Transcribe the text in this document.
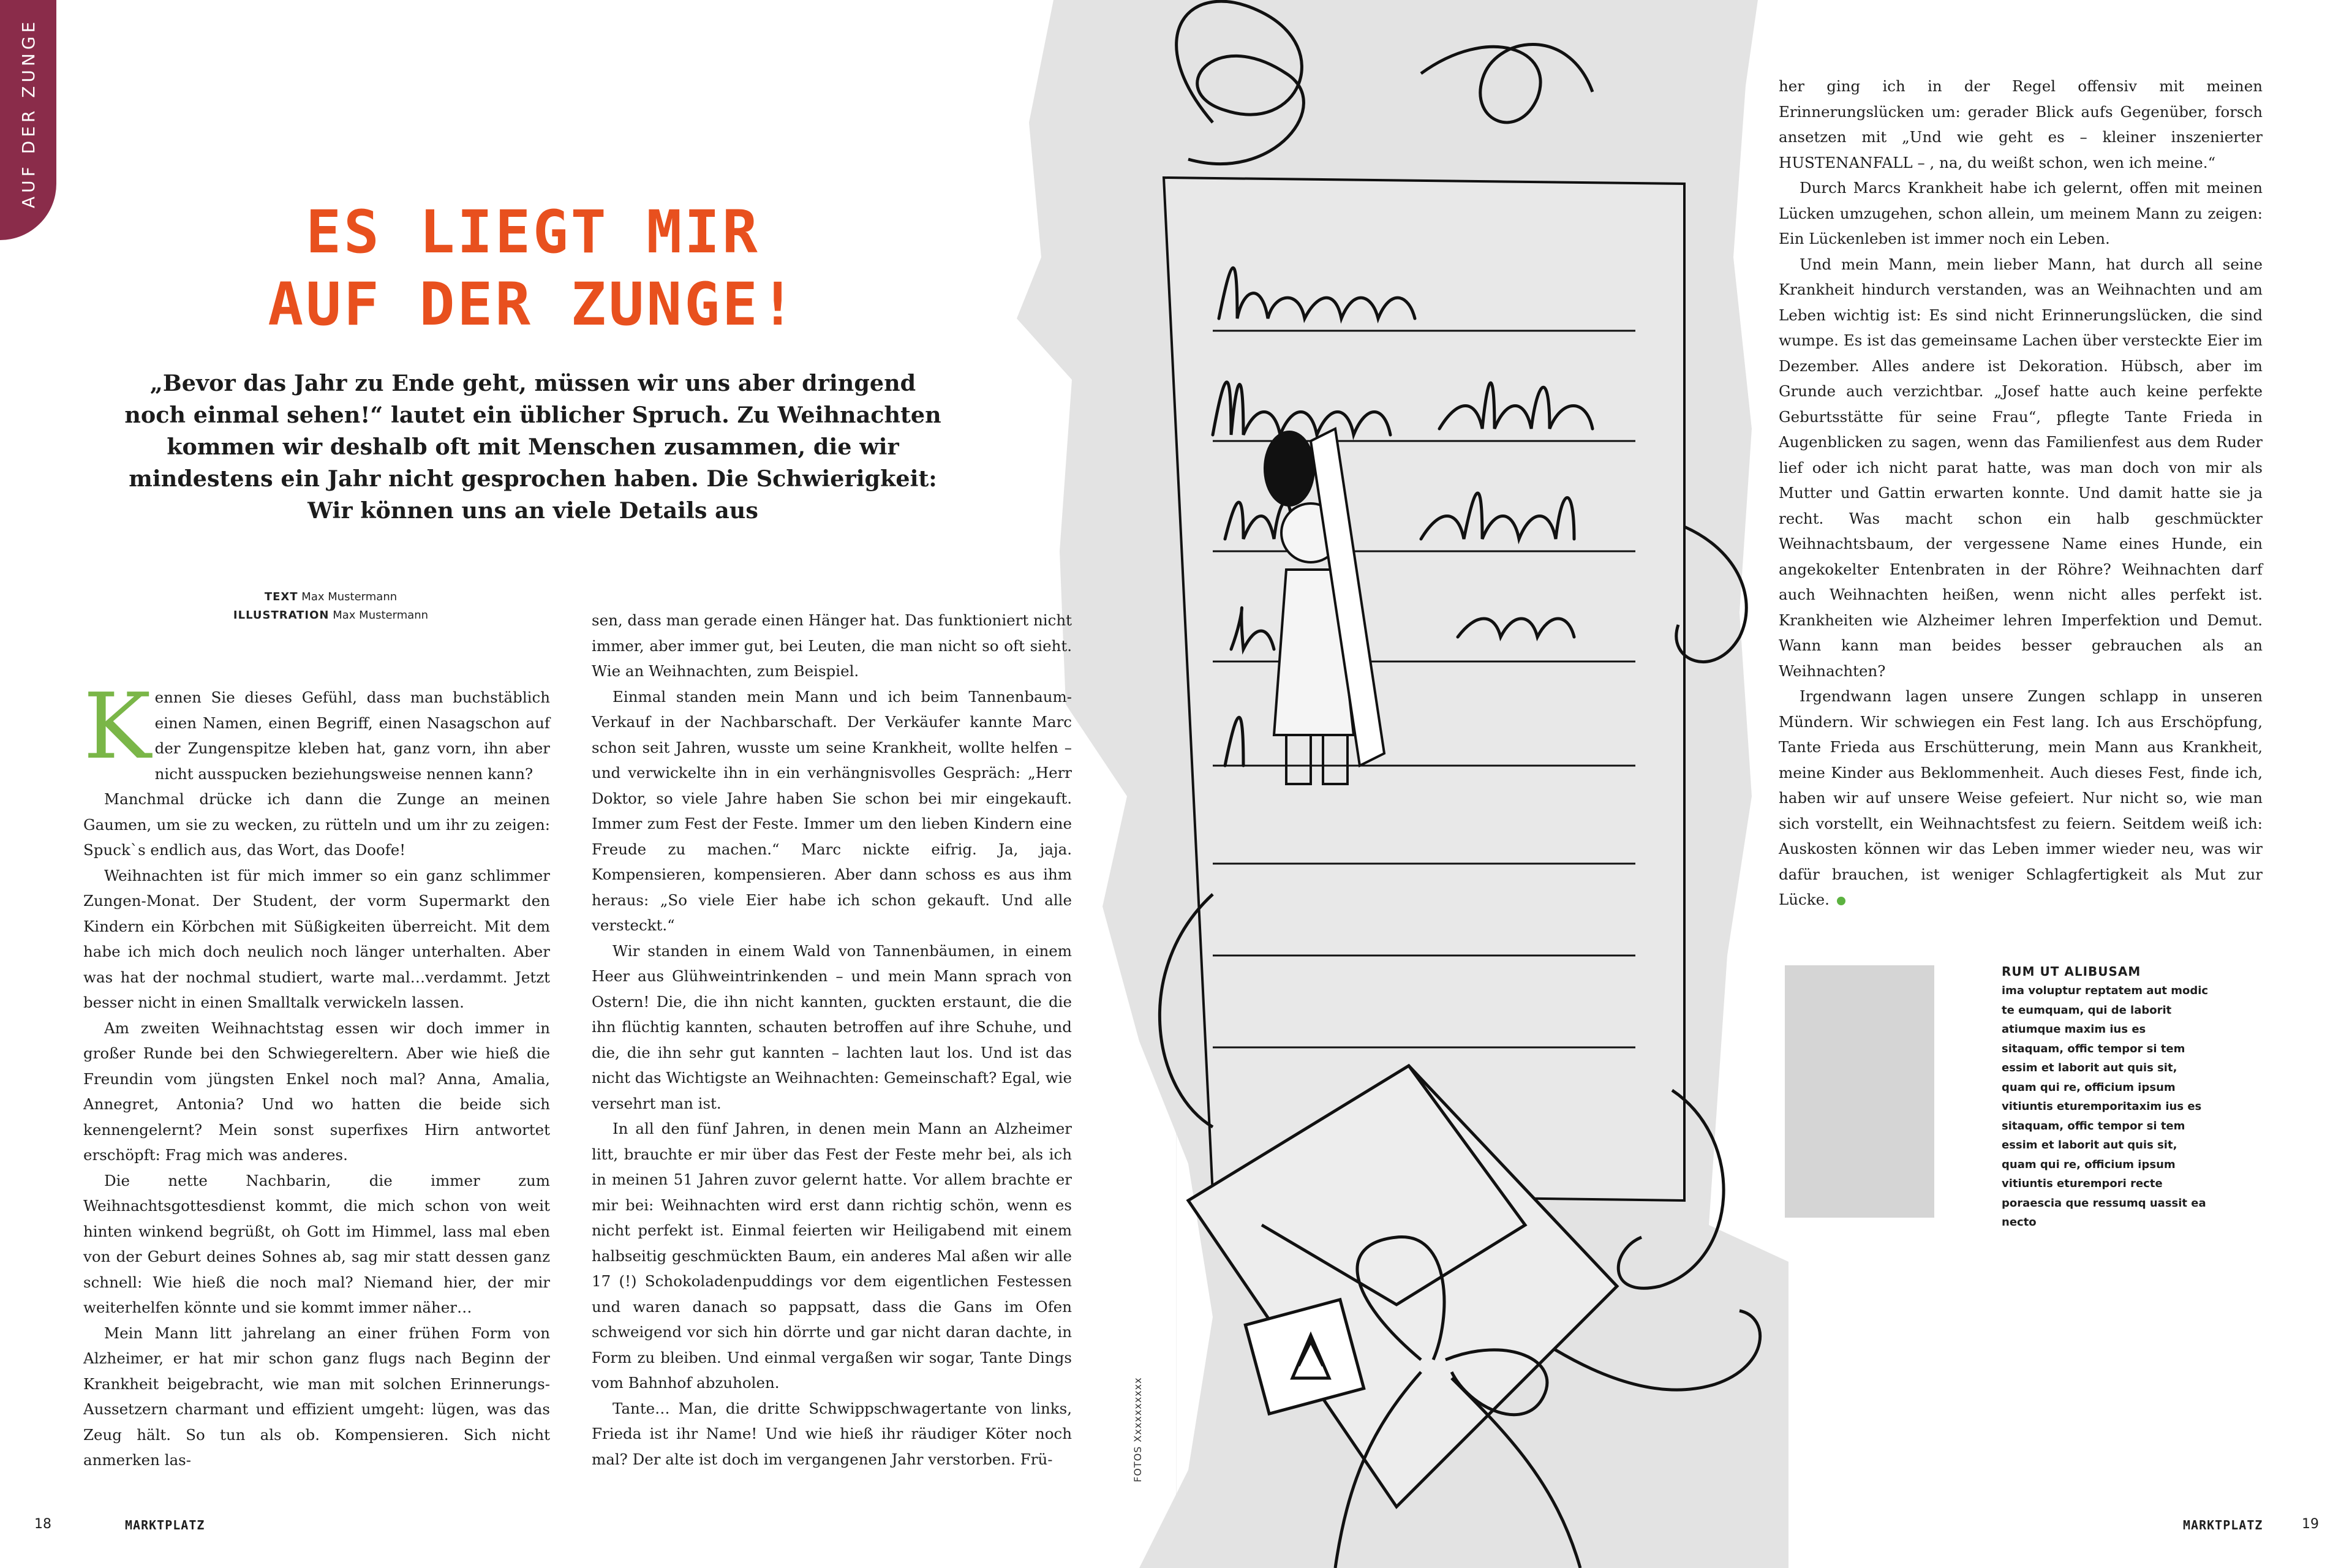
AUF DER ZUNGE
ES LIEGT MIR
AUF DER ZUNGE!

„Bevor das Jahr zu Ende geht, müssen wir uns aber dringend noch einmal sehen!“ lautet ein üblicher Spruch. Zu Weihnachten kommen wir deshalb oft mit Menschen zusammen, die wir mindestens ein Jahr nicht gesprochen haben. Die Schwierigkeit: Wir können uns an viele Details aus

TEXT Max Mustermann
ILLUSTRATION Max Mustermann

Kennen Sie dieses Gefühl, dass man buchstäblich einen Namen, einen Begriff, einen Nasagschon auf der Zungenspitze kleben hat, ganz vorn, ihn aber nicht ausspucken beziehungsweise nennen kann?

Manchmal drücke ich dann die Zunge an meinen Gaumen, um sie zu wecken, zu rütteln und um ihr zu zeigen: Spuck`s endlich aus, das Wort, das Doofe!

Weihnachten ist für mich immer so ein ganz schlimmer Zungen-Monat. Der Student, der vorm Supermarkt den Kindern ein Körbchen mit Süßigkeiten überreicht. Mit dem habe ich mich doch neulich noch länger unterhalten. Aber was hat der nochmal studiert, warte mal…verdammt. Jetzt besser nicht in einen Smalltalk verwickeln lassen.

Am zweiten Weihnachtstag essen wir doch immer in großer Runde bei den Schwiegereltern. Aber wie hieß die Freundin vom jüngsten Enkel noch mal? Anna, Amalia, Annegret, Antonia? Und wo hatten die beide sich kennengelernt? Mein sonst superfixes Hirn antwortet erschöpft: Frag mich was anderes.

Die nette Nachbarin, die immer zum Weihnachtsgottesdienst kommt, die mich schon von weit hinten winkend begrüßt, oh Gott im Himmel, lass mal eben von der Geburt deines Sohnes ab, sag mir statt dessen ganz schnell: Wie hieß die noch mal? Niemand hier, der mir weiterhelfen könnte und sie kommt immer näher…

Mein Mann litt jahrelang an einer frühen Form von Alzheimer, er hat mir schon ganz flugs nach Beginn der Krankheit beigebracht, wie man mit solchen Erinnerungs-Aussetzern charmant und effizient umgeht: lügen, was das Zeug hält. So tun als ob. Kompensieren. Sich nicht anmerken las-

sen, dass man gerade einen Hänger hat. Das funktioniert nicht immer, aber immer gut, bei Leuten, die man nicht so oft sieht. Wie an Weihnachten, zum Beispiel.

Einmal standen mein Mann und ich beim Tannenbaum-Verkauf in der Nachbarschaft. Der Verkäufer kannte Marc schon seit Jahren, wusste um seine Krankheit, wollte helfen – und verwickelte ihn in ein verhängnisvolles Gespräch: „Herr Doktor, so viele Jahre haben Sie schon bei mir eingekauft. Immer zum Fest der Feste. Immer um den lieben Kindern eine Freude zu machen.“ Marc nickte eifrig. Ja, jaja. Kompensieren, kompensieren. Aber dann schoss es aus ihm heraus: „So viele Eier habe ich schon gekauft. Und alle versteckt.“

Wir standen in einem Wald von Tannenbäumen, in einem Heer aus Glühweintrinkenden – und mein Mann sprach von Ostern! Die, die ihn nicht kannten, guckten erstaunt, die die ihn flüchtig kannten, schauten betroffen auf ihre Schuhe, und die, die ihn sehr gut kannten – lachten laut los. Und ist das nicht das Wichtigste an Weihnachten: Gemeinschaft? Egal, wie versehrt man ist.

In all den fünf Jahren, in denen mein Mann an Alzheimer litt, brauchte er mir über das Fest der Feste mehr bei, als ich in meinen 51 Jahren zuvor gelernt hatte. Vor allem brachte er mir bei: Weihnachten wird erst dann richtig schön, wenn es nicht perfekt ist. Einmal feierten wir Heiligabend mit einem halbseitig geschmückten Baum, ein anderes Mal aßen wir alle 17 (!) Schokoladenpuddings vor dem eigentlichen Festessen und waren danach so pappsatt, dass die Gans im Ofen schweigend vor sich hin dörrte und gar nicht daran dachte, in Form zu bleiben. Und einmal vergaßen wir sogar, Tante Dings vom Bahnhof abzuholen.

Tante… Man, die dritte Schwippschwagertante von links, Frieda ist ihr Name! Und wie hieß ihr räudiger Köter noch mal? Der alte ist doch im vergangenen Jahr verstorben. Frü-

her ging ich in der Regel offensiv mit meinen Erinnerungslücken um: gerader Blick aufs Gegenüber, forsch ansetzen mit „Und wie geht es – kleiner inszenierter HUSTENANFALL – , na, du weißt schon, wen ich meine.“

Durch Marcs Krankheit habe ich gelernt, offen mit meinen Lücken umzugehen, schon allein, um meinem Mann zu zeigen: Ein Lückenleben ist immer noch ein Leben.

Und mein Mann, mein lieber Mann, hat durch all seine Krankheit hindurch verstanden, was an Weihnachten und am Leben wichtig ist: Es sind nicht Erinnerungslücken, die sind wumpe. Es ist das gemeinsame Lachen über versteckte Eier im Dezember. Alles andere ist Dekoration. Hübsch, aber im Grunde auch verzichtbar. „Josef hatte auch keine perfekte Geburtsstätte für seine Frau“, pflegte Tante Frieda in Augenblicken zu sagen, wenn das Familienfest aus dem Ruder lief oder ich nicht parat hatte, was man doch von mir als Mutter und Gattin erwarten konnte. Und damit hatte sie ja recht. Was macht schon ein halb geschmückter Weihnachtsbaum, der vergessene Name eines Hunde, ein angekokelter Entenbraten in der Röhre? Weihnachten darf auch Weihnachten heißen, wenn nicht alles perfekt ist. Krankheiten wie Alzheimer lehren Imperfektion und Demut. Wann kann man beides besser gebrauchen als an Weihnachten?

Irgendwann lagen unsere Zungen schlapp in unseren Mündern. Wir schwiegen ein Fest lang. Ich aus Erschöpfung, Tante Frieda aus Erschütterung, mein Mann aus Krankheit, meine Kinder aus Beklommenheit. Auch dieses Fest, finde ich, haben wir auf unsere Weise gefeiert. Nur nicht so, wie man sich vorstellt, ein Weihnachtsfest zu feiern. Seitdem weiß ich: Auskosten können wir das Leben immer wieder neu, was wir dafür brauchen, ist weniger Schlagfertigkeit als Mut zur Lücke.

FOTOS Xxxxxxxxxx
RUM UT ALIBUSAM
ima voluptur reptatem aut modic te eumquam, qui de laborit atiumque maxim ius es sitaquam, offic tempor si tem essim et laborit aut quis sit, quam qui re, officium ipsum vitiuntis eturemporitaxim ius es sitaquam, offic tempor si tem essim et laborit aut quis sit, quam qui re, officium ipsum vitiuntis eturempori recte poraescia que ressumq uassit ea necto
18	MARKTPLATZ	MARKTPLATZ	19
